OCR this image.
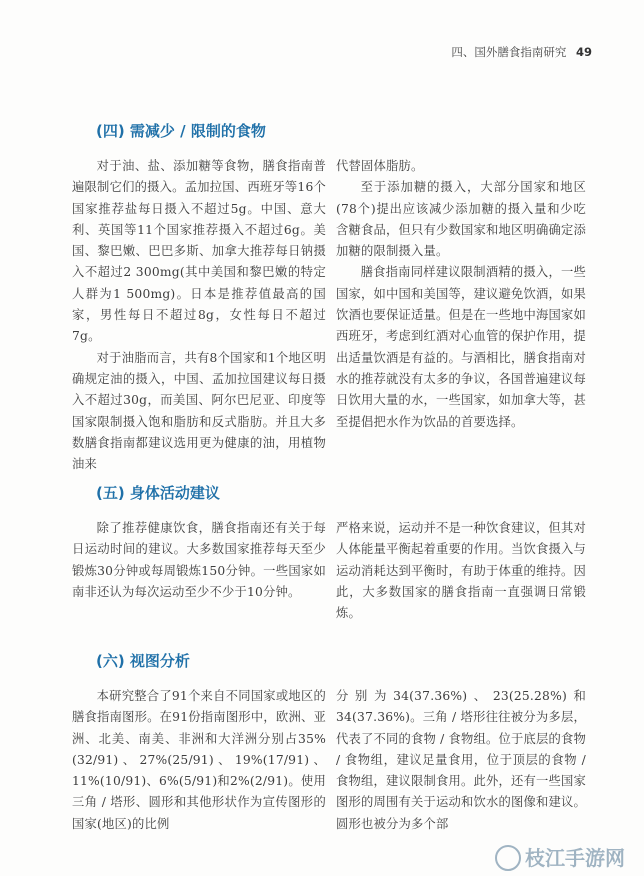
四、国外膳食指南研究 49
(四) 需减少 / 限制的食物

对于油、盐、添加糖等食物，膳食指南普遍限制它们的摄入。孟加拉国、西班牙等16个国家推荐盐每日摄入不超过5g。中国、意大利、英国等11个国家推荐摄入不超过6g。美国、黎巴嫩、巴巴多斯、加拿大推荐每日钠摄入不超过2 300mg(其中美国和黎巴嫩的特定人群为1 500mg)。日本是推荐值最高的国家，男性每日不超过8g，女性每日不超过7g。

对于油脂而言，共有8个国家和1个地区明确规定油的摄入，中国、孟加拉国建议每日摄入不超过30g，而美国、阿尔巴尼亚、印度等国家限制摄入饱和脂肪和反式脂肪。并且大多数膳食指南都建议选用更为健康的油，用植物油来

代替固体脂肪。

至于添加糖的摄入，大部分国家和地区(78个)提出应该减少添加糖的摄入量和少吃含糖食品，但只有少数国家和地区明确确定添加糖的限制摄入量。

膳食指南同样建议限制酒精的摄入，一些国家，如中国和美国等，建议避免饮酒，如果饮酒也要保证适量。但是在一些地中海国家如西班牙，考虑到红酒对心血管的保护作用，提出适量饮酒是有益的。与酒相比，膳食指南对水的推荐就没有太多的争议，各国普遍建议每日饮用大量的水，一些国家，如加拿大等，甚至提倡把水作为饮品的首要选择。

(五) 身体活动建议

除了推荐健康饮食，膳食指南还有关于每日运动时间的建议。大多数国家推荐每天至少锻炼30分钟或每周锻炼150分钟。一些国家如南非还认为每次运动至少不少于10分钟。

严格来说，运动并不是一种饮食建议，但其对人体能量平衡起着重要的作用。当饮食摄入与运动消耗达到平衡时，有助于体重的维持。因此，大多数国家的膳食指南一直强调日常锻炼。

(六) 视图分析

本研究整合了91个来自不同国家或地区的膳食指南图形。在91份指南图形中，欧洲、亚洲、北美、南美、非洲和大洋洲分别占35%(32/91)、27%(25/91)、19%(17/91)、11%(10/91)、6%(5/91)和2%(2/91)。使用三角 / 塔形、圆形和其他形状作为宣传图形的国家(地区)的比例

分别为34(37.36%)、23(25.28%)和34(37.36%)。三角 / 塔形往往被分为多层，代表了不同的食物 / 食物组。位于底层的食物 / 食物组，建议足量食用，位于顶层的食物 / 食物组，建议限制食用。此外，还有一些国家图形的周围有关于运动和饮水的图像和建议。圆形也被分为多个部

枝江手游网
